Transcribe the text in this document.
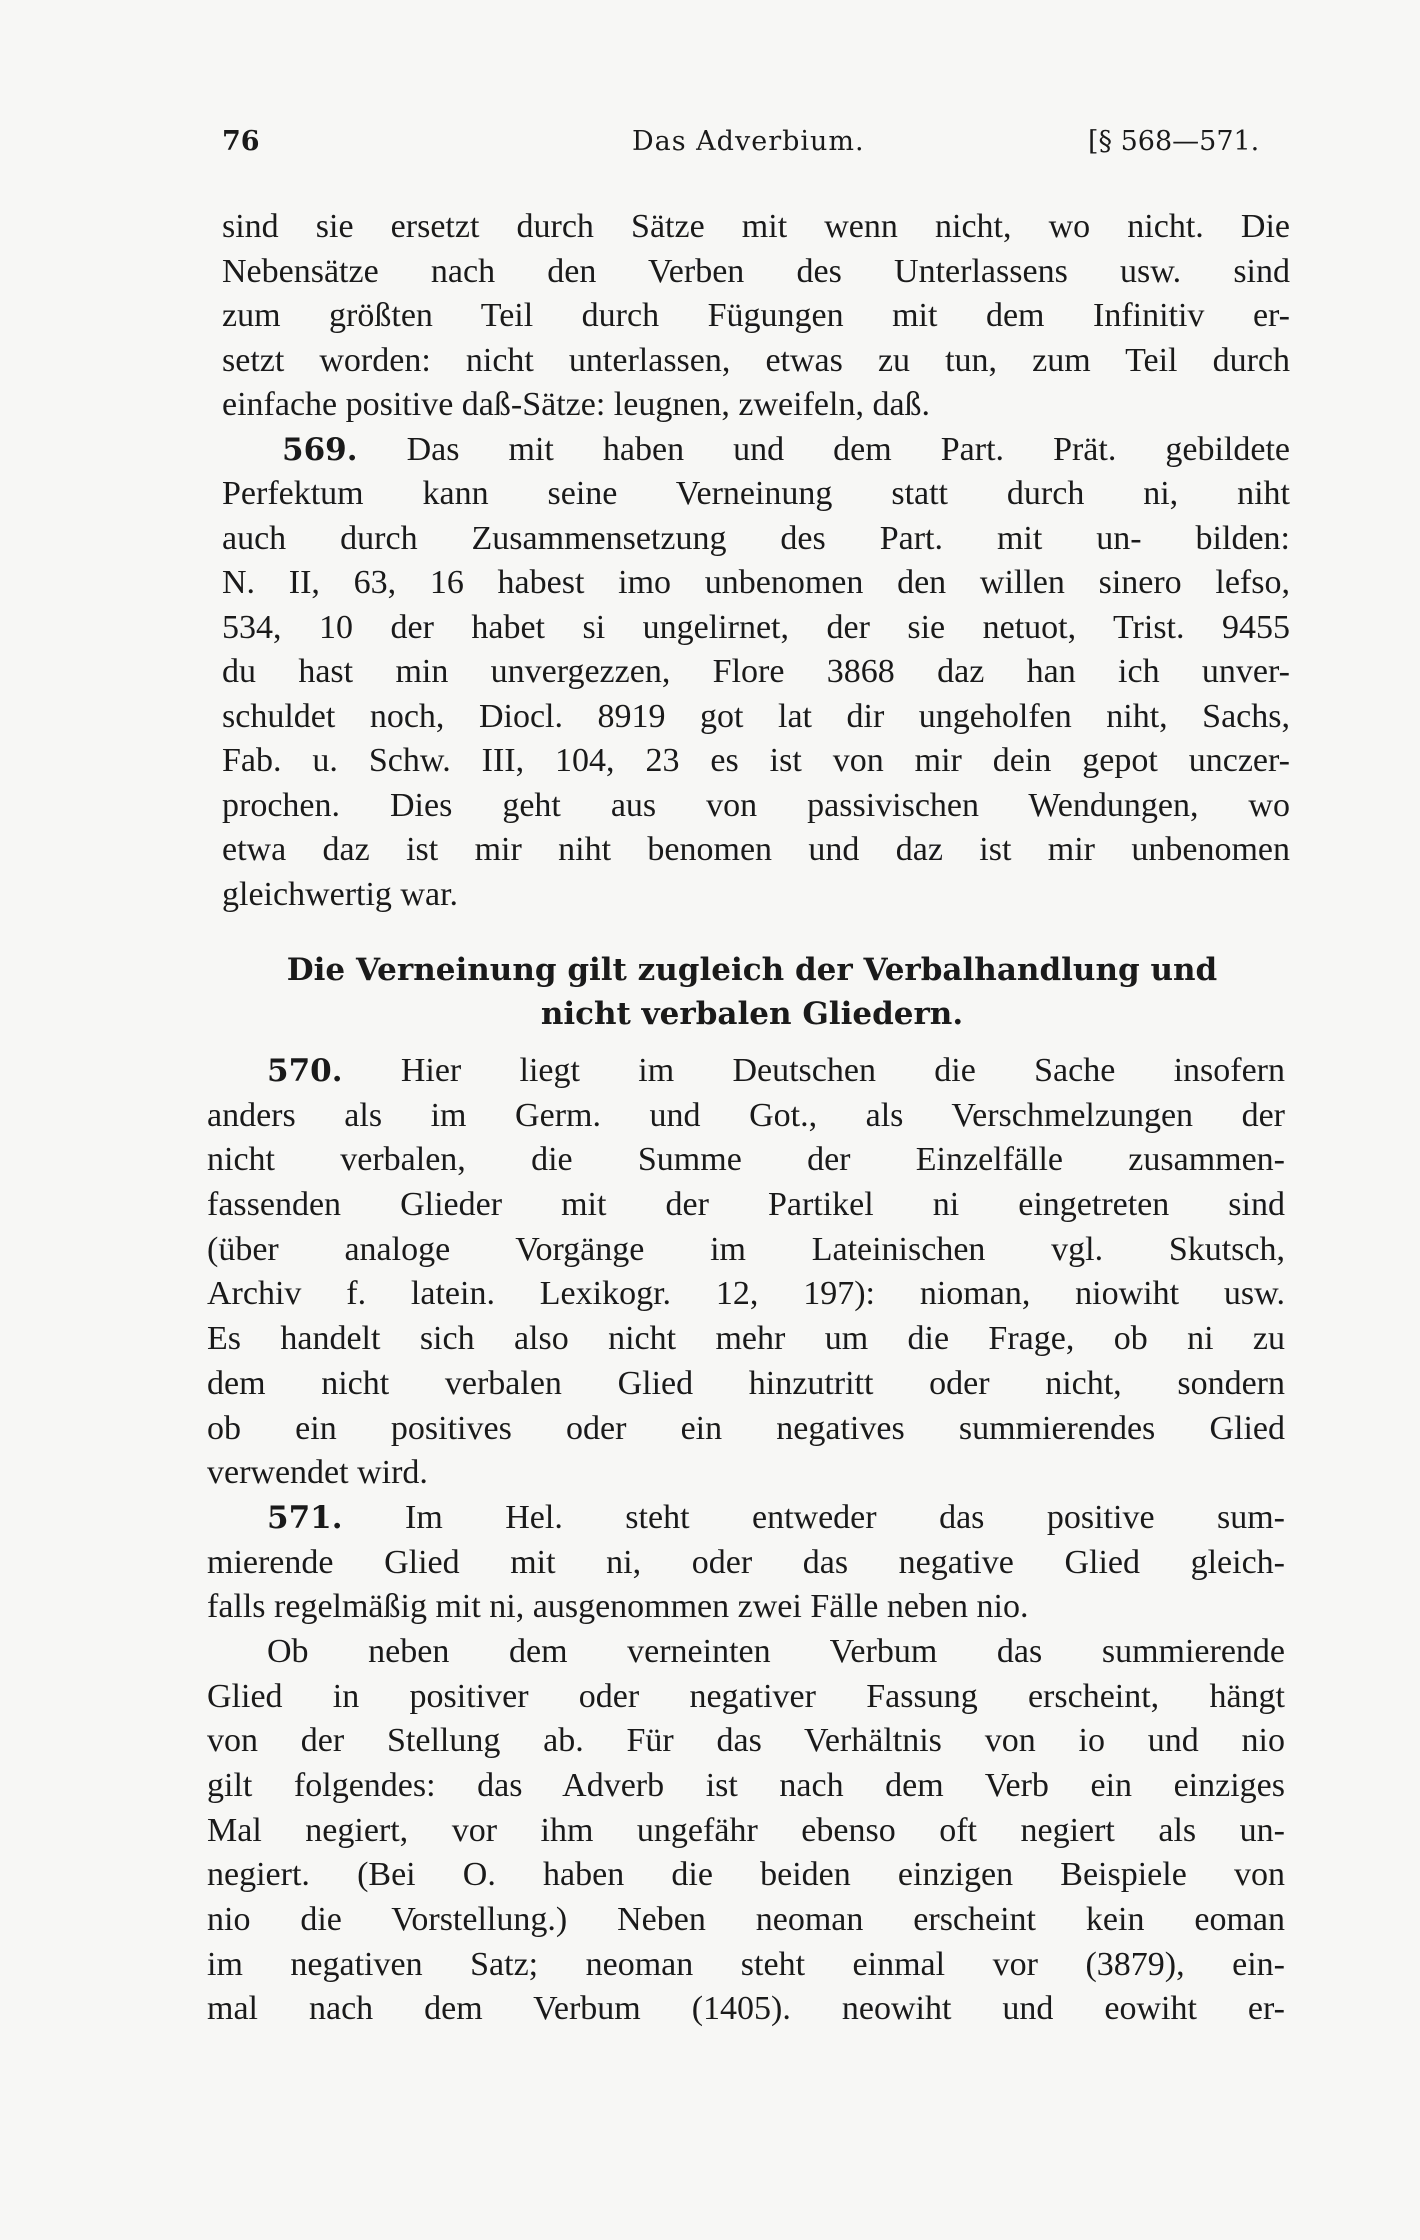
76	Das Adverbium.	[§ 568—571.
sind sie ersetzt durch Sätze mit wenn nicht, wo nicht. Die
Nebensätze nach den Verben des Unterlassens usw. sind
zum größten Teil durch Fügungen mit dem Infinitiv er-
setzt worden: nicht unterlassen, etwas zu tun, zum Teil durch
einfache positive daß-Sätze: leugnen, zweifeln, daß.
569. Das mit haben und dem Part. Prät. gebildete
Perfektum kann seine Verneinung statt durch ni, niht
auch durch Zusammensetzung des Part. mit un- bilden:
N. II, 63, 16 habest imo unbenomen den willen sinero lefso,
534, 10 der habet si ungelirnet, der sie netuot, Trist. 9455
du hast min unvergezzen, Flore 3868 daz han ich unver-
schuldet noch, Diocl. 8919 got lat dir ungeholfen niht, Sachs,
Fab. u. Schw. III, 104, 23 es ist von mir dein gepot unczer-
prochen. Dies geht aus von passivischen Wendungen, wo
etwa daz ist mir niht benomen und daz ist mir unbenomen
gleichwertig war.
Die Verneinung gilt zugleich der Verbalhandlung und
nicht verbalen Gliedern.
570. Hier liegt im Deutschen die Sache insofern
anders als im Germ. und Got., als Verschmelzungen der
nicht verbalen, die Summe der Einzelfälle zusammen-
fassenden Glieder mit der Partikel ni eingetreten sind
(über analoge Vorgänge im Lateinischen vgl. Skutsch,
Archiv f. latein. Lexikogr. 12, 197): nioman, niowiht usw.
Es handelt sich also nicht mehr um die Frage, ob ni zu
dem nicht verbalen Glied hinzutritt oder nicht, sondern
ob ein positives oder ein negatives summierendes Glied
verwendet wird.
571. Im Hel. steht entweder das positive sum-
mierende Glied mit ni, oder das negative Glied gleich-
falls regelmäßig mit ni, ausgenommen zwei Fälle neben nio.
Ob neben dem verneinten Verbum das summierende
Glied in positiver oder negativer Fassung erscheint, hängt
von der Stellung ab. Für das Verhältnis von io und nio
gilt folgendes: das Adverb ist nach dem Verb ein einziges
Mal negiert, vor ihm ungefähr ebenso oft negiert als un-
negiert. (Bei O. haben die beiden einzigen Beispiele von
nio die Vorstellung.) Neben neoman erscheint kein eoman
im negativen Satz; neoman steht einmal vor (3879), ein-
mal nach dem Verbum (1405). neowiht und eowiht er-
